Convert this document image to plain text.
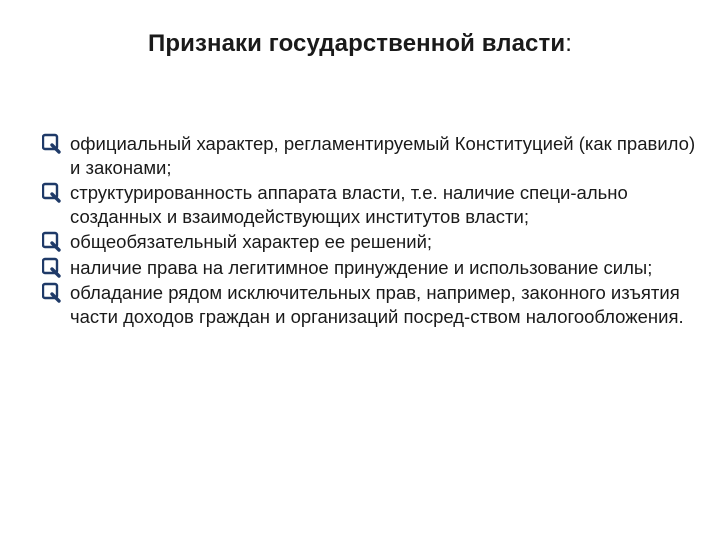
Признаки государственной власти:
официальный характер, регламентируемый Конституцией (как правило) и законами;
структурированность аппарата власти, т.е. наличие специ-ально созданных и взаимодействующих институтов власти;
общеобязательный характер ее решений;
наличие права на легитимное принуждение и использование силы;
обладание рядом исключительных прав, например, законного изъятия части доходов граждан и организаций посред-ством налогообложения.
